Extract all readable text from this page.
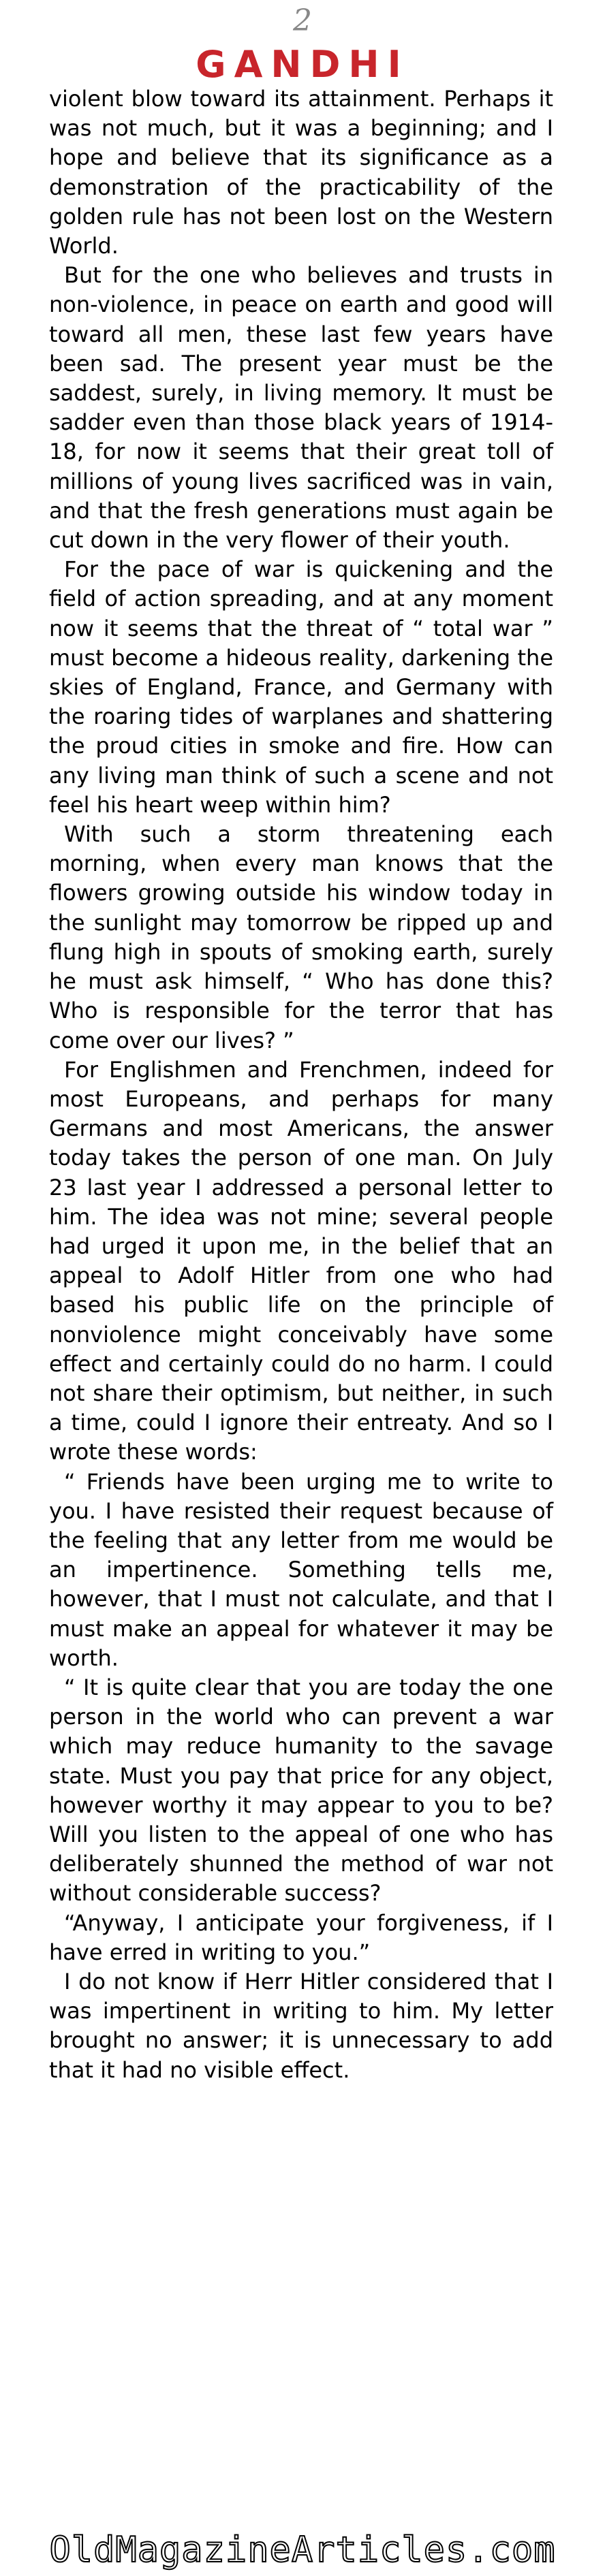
2
GANDHI

violent blow toward its attainment. Perhaps it was not much, but it was a beginning; and I hope and believe that its significance as a demonstration of the practicability of the golden rule has not been lost on the Western World.

But for the one who believes and trusts in non-violence, in peace on earth and good will toward all men, these last few years have been sad. The present year must be the saddest, surely, in living memory. It must be sadder even than those black years of 1914-18, for now it seems that their great toll of millions of young lives sacrificed was in vain, and that the fresh generations must again be cut down in the very flower of their youth.

For the pace of war is quickening and the field of action spreading, and at any moment now it seems that the threat of “ total war ” must become a hideous reality, darkening the skies of England, France, and Germany with the roaring tides of warplanes and shattering the proud cities in smoke and fire. How can any living man think of such a scene and not feel his heart weep within him?

With such a storm threatening each morning, when every man knows that the flowers growing outside his window today in the sunlight may tomorrow be ripped up and flung high in spouts of smoking earth, surely he must ask himself, “ Who has done this? Who is responsible for the terror that has come over our lives? ”

For Englishmen and Frenchmen, indeed for most Europeans, and perhaps for many Germans and most Americans, the answer today takes the person of one man. On July 23 last year I addressed a personal letter to him. The idea was not mine; several people had urged it upon me, in the belief that an appeal to Adolf Hitler from one who had based his public life on the principle of nonviolence might conceivably have some effect and certainly could do no harm. I could not share their optimism, but neither, in such a time, could I ignore their entreaty. And so I wrote these words:

“ Friends have been urging me to write to you. I have resisted their request because of the feeling that any letter from me would be an impertinence. Something tells me, however, that I must not calculate, and that I must make an appeal for whatever it may be worth.

“ It is quite clear that you are today the one person in the world who can prevent a war which may reduce humanity to the savage state. Must you pay that price for any object, however worthy it may appear to you to be? Will you listen to the appeal of one who has deliberately shunned the method of war not without considerable success?

“Anyway, I anticipate your forgiveness, if I have erred in writing to you.”

I do not know if Herr Hitler considered that I was impertinent in writing to him. My letter brought no answer; it is unnecessary to add that it had no visible effect.

OldMagazineArticles.com
